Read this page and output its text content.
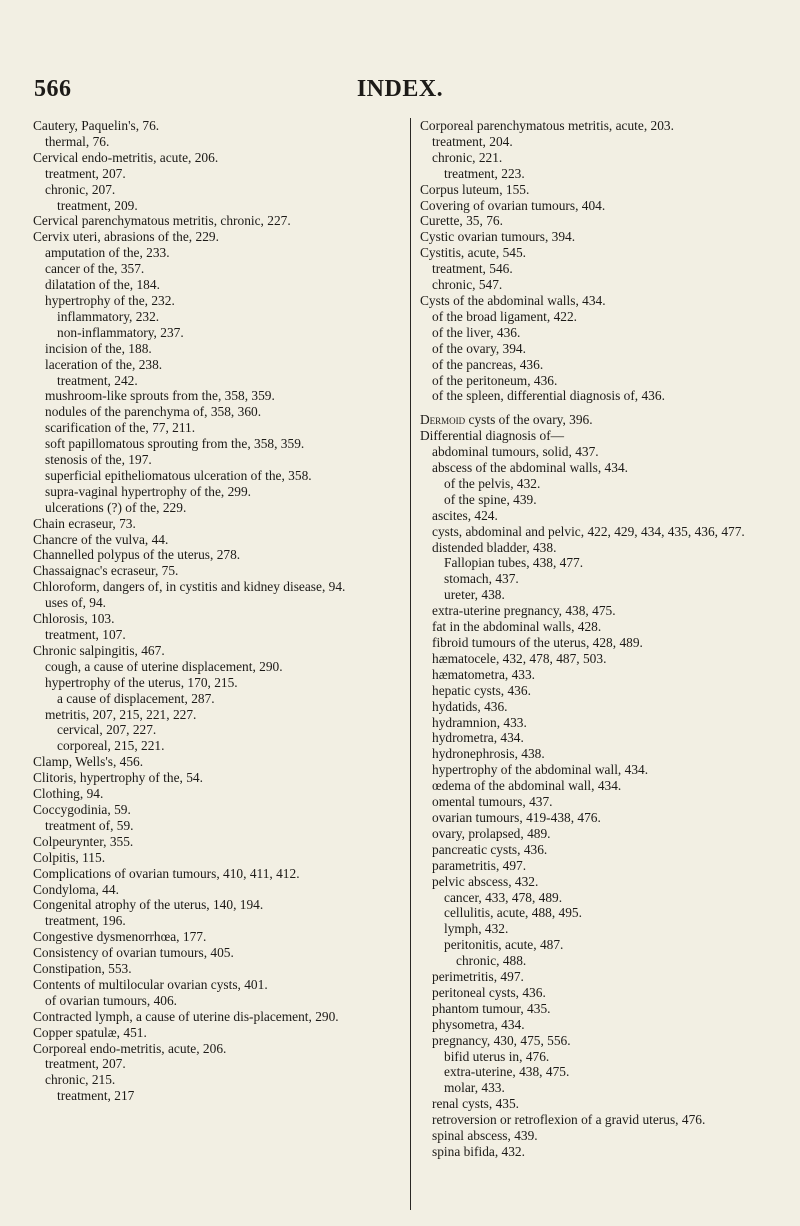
566	INDEX.
Cautery, Paquelin's, 76.
thermal, 76.
Cervical endo-metritis, acute, 206.
treatment, 207.
chronic, 207.
treatment, 209.
Cervical parenchymatous metritis, chronic, 227.
Cervix uteri, abrasions of the, 229.
amputation of the, 233.
cancer of the, 357.
dilatation of the, 184.
hypertrophy of the, 232.
inflammatory, 232.
non-inflammatory, 237.
incision of the, 188.
laceration of the, 238.
treatment, 242.
mushroom-like sprouts from the, 358, 359.
nodules of the parenchyma of, 358, 360.
scarification of the, 77, 211.
soft papillomatous sprouting from the, 358, 359.
stenosis of the, 197.
superficial epitheliomatous ulceration of the, 358.
supra-vaginal hypertrophy of the, 299.
ulcerations (?) of the, 229.
Chain ecraseur, 73.
Chancre of the vulva, 44.
Channelled polypus of the uterus, 278.
Chassaignac's ecraseur, 75.
Chloroform, dangers of, in cystitis and kidney disease, 94.
uses of, 94.
Chlorosis, 103.
treatment, 107.
Chronic salpingitis, 467.
cough, a cause of uterine displacement, 290.
hypertrophy of the uterus, 170, 215.
a cause of displacement, 287.
metritis, 207, 215, 221, 227.
cervical, 207, 227.
corporeal, 215, 221.
Clamp, Wells's, 456.
Clitoris, hypertrophy of the, 54.
Clothing, 94.
Coccygodinia, 59.
treatment of, 59.
Colpeurynter, 355.
Colpitis, 115.
Complications of ovarian tumours, 410, 411, 412.
Condyloma, 44.
Congenital atrophy of the uterus, 140, 194.
treatment, 196.
Congestive dysmenorrhœa, 177.
Consistency of ovarian tumours, 405.
Constipation, 553.
Contents of multilocular ovarian cysts, 401.
of ovarian tumours, 406.
Contracted lymph, a cause of uterine dis-placement, 290.
Copper spatulæ, 451.
Corporeal endo-metritis, acute, 206.
treatment, 207.
chronic, 215.
treatment, 217
Corporeal parenchymatous metritis, acute, 203.
treatment, 204.
chronic, 221.
treatment, 223.
Corpus luteum, 155.
Covering of ovarian tumours, 404.
Curette, 35, 76.
Cystic ovarian tumours, 394.
Cystitis, acute, 545.
treatment, 546.
chronic, 547.
Cysts of the abdominal walls, 434.
of the broad ligament, 422.
of the liver, 436.
of the ovary, 394.
of the pancreas, 436.
of the peritoneum, 436.
of the spleen, differential diagnosis of, 436.
Dermoid cysts of the ovary, 396.
Differential diagnosis of—
abdominal tumours, solid, 437.
abscess of the abdominal walls, 434.
of the pelvis, 432.
of the spine, 439.
ascites, 424.
cysts, abdominal and pelvic, 422, 429, 434, 435, 436, 477.
distended bladder, 438.
Fallopian tubes, 438, 477.
stomach, 437.
ureter, 438.
extra-uterine pregnancy, 438, 475.
fat in the abdominal walls, 428.
fibroid tumours of the uterus, 428, 489.
hæmatocele, 432, 478, 487, 503.
hæmatometra, 433.
hepatic cysts, 436.
hydatids, 436.
hydramnion, 433.
hydrometra, 434.
hydronephrosis, 438.
hypertrophy of the abdominal wall, 434.
œdema of the abdominal wall, 434.
omental tumours, 437.
ovarian tumours, 419-438, 476.
ovary, prolapsed, 489.
pancreatic cysts, 436.
parametritis, 497.
pelvic abscess, 432.
cancer, 433, 478, 489.
cellulitis, acute, 488, 495.
lymph, 432.
peritonitis, acute, 487.
chronic, 488.
perimetritis, 497.
peritoneal cysts, 436.
phantom tumour, 435.
physometra, 434.
pregnancy, 430, 475, 556.
bifid uterus in, 476.
extra-uterine, 438, 475.
molar, 433.
renal cysts, 435.
retroversion or retroflexion of a gravid uterus, 476.
spinal abscess, 439.
spina bifida, 432.
